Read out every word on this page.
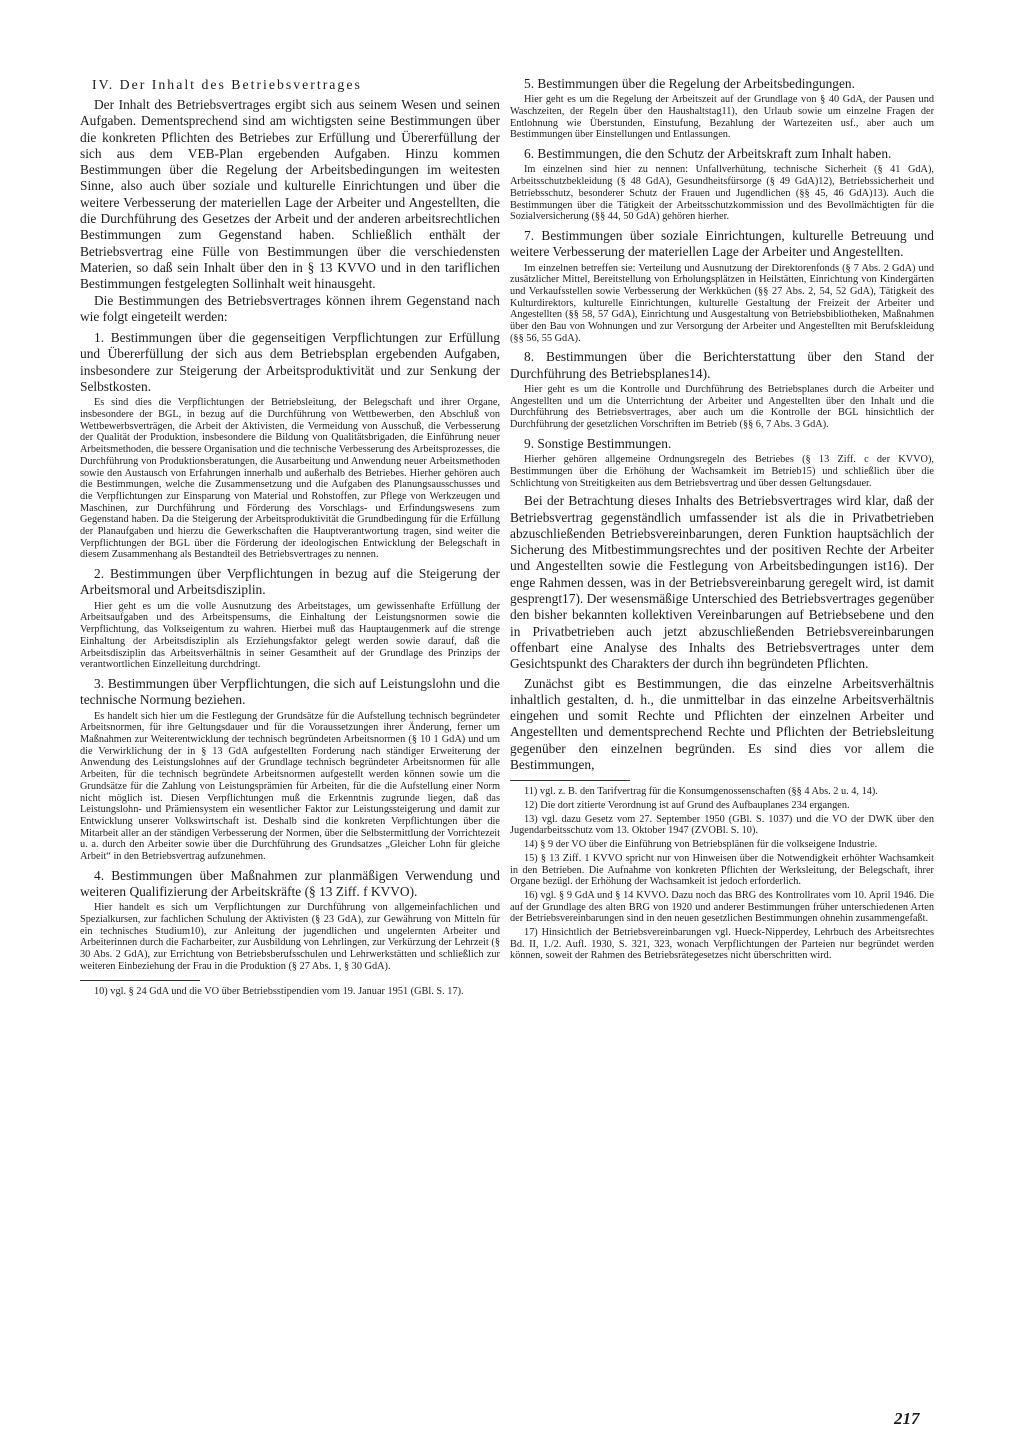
IV. Der Inhalt des Betriebsvertrages

Der Inhalt des Betriebsvertrages ergibt sich aus seinem Wesen und seinen Aufgaben. Dementsprechend sind am wichtigsten seine Bestimmungen über die konkreten Pflichten des Betriebes zur Erfüllung und Übererfüllung der sich aus dem VEB-Plan ergebenden Aufgaben. Hinzu kommen Bestimmungen über die Regelung der Arbeitsbedingungen im weitesten Sinne, also auch über soziale und kulturelle Einrichtungen und über die weitere Verbesserung der materiellen Lage der Arbeiter und Angestellten, die die Durchführung des Gesetzes der Arbeit und der anderen arbeitsrechtlichen Bestimmungen zum Gegenstand haben. Schließlich enthält der Betriebsvertrag eine Fülle von Bestimmungen über die verschiedensten Materien, so daß sein Inhalt über den in § 13 KVVO und in den tariflichen Bestimmungen festgelegten Sollinhalt weit hinausgeht.

Die Bestimmungen des Betriebsvertrages können ihrem Gegenstand nach wie folgt eingeteilt werden:

1. Bestimmungen über die gegenseitigen Verpflichtungen zur Erfüllung und Übererfüllung der sich aus dem Betriebsplan ergebenden Aufgaben, insbesondere zur Steigerung der Arbeitsproduktivität und zur Senkung der Selbstkosten.

Es sind dies die Verpflichtungen der Betriebsleitung, der Belegschaft und ihrer Organe, insbesondere der BGL, in bezug auf die Durchführung von Wettbewerben, den Abschluß von Wettbewerbsverträgen, die Arbeit der Aktivisten, die Vermeidung von Ausschuß, die Verbesserung der Qualität der Produktion, insbesondere die Bildung von Qualitätsbrigaden, die Einführung neuer Arbeitsmethoden, die bessere Organisation und die technische Verbesserung des Arbeitsprozesses, die Durchführung von Produktionsberatungen, die Ausarbeitung und Anwendung neuer Arbeitsmethoden sowie den Austausch von Erfahrungen innerhalb und außerhalb des Betriebes. Hierher gehören auch die Bestimmungen, welche die Zusammensetzung und die Aufgaben des Planungsausschusses und die Verpflichtungen zur Einsparung von Material und Rohstoffen, zur Pflege von Werkzeugen und Maschinen, zur Durchführung und Förderung des Vorschlags- und Erfindungswesens zum Gegenstand haben. Da die Steigerung der Arbeitsproduktivität die Grundbedingung für die Erfüllung der Planaufgaben und hierzu die Gewerkschaften die Hauptverantwortung tragen, sind weiter die Verpflichtungen der BGL über die Förderung der ideologischen Entwicklung der Belegschaft in diesem Zusammenhang als Bestandteil des Betriebsvertrages zu nennen.

2. Bestimmungen über Verpflichtungen in bezug auf die Steigerung der Arbeitsmoral und Arbeitsdisziplin.

Hier geht es um die volle Ausnutzung des Arbeitstages, um gewissenhafte Erfüllung der Arbeitsaufgaben und des Arbeitspensums, die Einhaltung der Leistungsnormen sowie die Verpflichtung, das Volkseigentum zu wahren. Hierbei muß das Hauptaugenmerk auf die strenge Einhaltung der Arbeitsdisziplin als Erziehungsfaktor gelegt werden sowie darauf, daß die Arbeitsdisziplin das Arbeitsverhältnis in seiner Gesamtheit auf der Grundlage des Prinzips der verantwortlichen Einzelleitung durchdringt.

3. Bestimmungen über Verpflichtungen, die sich auf Leistungslohn und die technische Normung beziehen.

Es handelt sich hier um die Festlegung der Grundsätze für die Aufstellung technisch begründeter Arbeitsnormen, für ihre Geltungsdauer und für die Voraussetzungen ihrer Änderung, ferner um Maßnahmen zur Weiterentwicklung der technisch begründeten Arbeitsnormen (§ 10 1 GdA) und um die Verwirklichung der in § 13 GdA aufgestellten Forderung nach ständiger Erweiterung der Anwendung des Leistungslohnes auf der Grundlage technisch begründeter Arbeitsnormen für alle Arbeiten, für die technisch begründete Arbeitsnormen aufgestellt werden können sowie um die Grundsätze für die Zahlung von Leistungsprämien für Arbeiten, für die die Aufstellung einer Norm nicht möglich ist. Diesen Verpflichtungen muß die Erkenntnis zugrunde liegen, daß das Leistungslohn- und Prämiensystem ein wesentlicher Faktor zur Leistungssteigerung und damit zur Entwicklung unserer Volkswirtschaft ist. Deshalb sind die konkreten Verpflichtungen über die Mitarbeit aller an der ständigen Verbesserung der Normen, über die Selbstermittlung der Vorrichtezeit u. a. durch den Arbeiter sowie über die Durchführung des Grundsatzes „Gleicher Lohn für gleiche Arbeit“ in den Betriebsvertrag aufzunehmen.

4. Bestimmungen über Maßnahmen zur planmäßigen Verwendung und weiteren Qualifizierung der Arbeitskräfte (§ 13 Ziff. f KVVO).

Hier handelt es sich um Verpflichtungen zur Durchführung von allgemeinfachlichen und Spezialkursen, zur fachlichen Schulung der Aktivisten (§ 23 GdA), zur Gewährung von Mitteln für ein technisches Studium10), zur Anleitung der jugendlichen und ungelernten Arbeiter und Arbeiterinnen durch die Facharbeiter, zur Ausbildung von Lehrlingen, zur Verkürzung der Lehrzeit (§ 30 Abs. 2 GdA), zur Errichtung von Betriebsberufsschulen und Lehrwerkstätten und schließlich zur weiteren Einbeziehung der Frau in die Produktion (§ 27 Abs. 1, § 30 GdA).

10) vgl. § 24 GdA und die VO über Betriebsstipendien vom 19. Januar 1951 (GBl. S. 17).

5. Bestimmungen über die Regelung der Arbeitsbedingungen.

Hier geht es um die Regelung der Arbeitszeit auf der Grundlage von § 40 GdA, der Pausen und Waschzeiten, der Regeln über den Haushaltstag11), den Urlaub sowie um einzelne Fragen der Entlohnung wie Überstunden, Einstufung, Bezahlung der Wartezeiten usf., aber auch um Bestimmungen über Einstellungen und Entlassungen.

6. Bestimmungen, die den Schutz der Arbeitskraft zum Inhalt haben.

Im einzelnen sind hier zu nennen: Unfallverhütung, technische Sicherheit (§ 41 GdA), Arbeitsschutzbekleidung (§ 48 GdA), Gesundheitsfürsorge (§ 49 GdA)12), Betriebssicherheit und Betriebsschutz, besonderer Schutz der Frauen und Jugendlichen (§§ 45, 46 GdA)13). Auch die Bestimmungen über die Tätigkeit der Arbeitsschutzkommission und des Bevollmächtigten für die Sozialversicherung (§§ 44, 50 GdA) gehören hierher.

7. Bestimmungen über soziale Einrichtungen, kulturelle Betreuung und weitere Verbesserung der materiellen Lage der Arbeiter und Angestellten.

Im einzelnen betreffen sie: Verteilung und Ausnutzung der Direktorenfonds (§ 7 Abs. 2 GdA) und zusätzlicher Mittel, Bereitstellung von Erholungsplätzen in Heilstätten, Einrichtung von Kindergärten und Verkaufsstellen sowie Verbesserung der Werkküchen (§§ 27 Abs. 2, 54, 52 GdA), Tätigkeit des Kulturdirektors, kulturelle Einrichtungen, kulturelle Gestaltung der Freizeit der Arbeiter und Angestellten (§§ 58, 57 GdA), Einrichtung und Ausgestaltung von Betriebsbibliotheken, Maßnahmen über den Bau von Wohnungen und zur Versorgung der Arbeiter und Angestellten mit Berufskleidung (§§ 56, 55 GdA).

8. Bestimmungen über die Berichterstattung über den Stand der Durchführung des Betriebsplanes14).

Hier geht es um die Kontrolle und Durchführung des Betriebsplanes durch die Arbeiter und Angestellten und um die Unterrichtung der Arbeiter und Angestellten über den Inhalt und die Durchführung des Betriebsvertrages, aber auch um die Kontrolle der BGL hinsichtlich der Durchführung der gesetzlichen Vorschriften im Betrieb (§§ 6, 7 Abs. 3 GdA).

9. Sonstige Bestimmungen.

Hierher gehören allgemeine Ordnungsregeln des Betriebes (§ 13 Ziff. c der KVVO), Bestimmungen über die Erhöhung der Wachsamkeit im Betrieb15) und schließlich über die Schlichtung von Streitigkeiten aus dem Betriebsvertrag und über dessen Geltungsdauer.

Bei der Betrachtung dieses Inhalts des Betriebsvertrages wird klar, daß der Betriebsvertrag gegenständlich umfassender ist als die in Privatbetrieben abzuschließenden Betriebsvereinbarungen, deren Funktion hauptsächlich der Sicherung des Mitbestimmungsrechtes und der positiven Rechte der Arbeiter und Angestellten sowie die Festlegung von Arbeitsbedingungen ist16). Der enge Rahmen dessen, was in der Betriebsvereinbarung geregelt wird, ist damit gesprengt17). Der wesensmäßige Unterschied des Betriebsvertrages gegenüber den bisher bekannten kollektiven Vereinbarungen auf Betriebsebene und den in Privatbetrieben auch jetzt abzuschließenden Betriebsvereinbarungen offenbart eine Analyse des Inhalts des Betriebsvertrages unter dem Gesichtspunkt des Charakters der durch ihn begründeten Pflichten.

Zunächst gibt es Bestimmungen, die das einzelne Arbeitsverhältnis inhaltlich gestalten, d. h., die unmittelbar in das einzelne Arbeitsverhältnis eingehen und somit Rechte und Pflichten der einzelnen Arbeiter und Angestellten und dementsprechend Rechte und Pflichten der Betriebsleitung gegenüber den einzelnen begründen. Es sind dies vor allem die Bestimmungen,

11) vgl. z. B. den Tarifvertrag für die Konsumgenossenschaften (§§ 4 Abs. 2 u. 4, 14).

12) Die dort zitierte Verordnung ist auf Grund des Aufbauplanes 234 ergangen.

13) vgl. dazu Gesetz vom 27. September 1950 (GBl. S. 1037) und die VO der DWK über den Jugendarbeitsschutz vom 13. Oktober 1947 (ZVOBl. S. 10).

14) § 9 der VO über die Einführung von Betriebsplänen für die volkseigene Industrie.

15) § 13 Ziff. 1 KVVO spricht nur von Hinweisen über die Notwendigkeit erhöhter Wachsamkeit in den Betrieben. Die Aufnahme von konkreten Pflichten der Werksleitung, der Belegschaft, ihrer Organe bezügl. der Erhöhung der Wachsamkeit ist jedoch erforderlich.

16) vgl. § 9 GdA und § 14 KVVO. Dazu noch das BRG des Kontrollrates vom 10. April 1946. Die auf der Grundlage des alten BRG von 1920 und anderer Bestimmungen früher unterschiedenen Arten der Betriebsvereinbarungen sind in den neuen gesetzlichen Bestimmungen ohnehin zusammengefaßt.

17) Hinsichtlich der Betriebsvereinbarungen vgl. Hueck-Nipperdey, Lehrbuch des Arbeitsrechtes Bd. II, 1./2. Aufl. 1930, S. 321, 323, wonach Verpflichtungen der Parteien nur begründet werden können, soweit der Rahmen des Betriebsrätegesetzes nicht überschritten wird.

217
